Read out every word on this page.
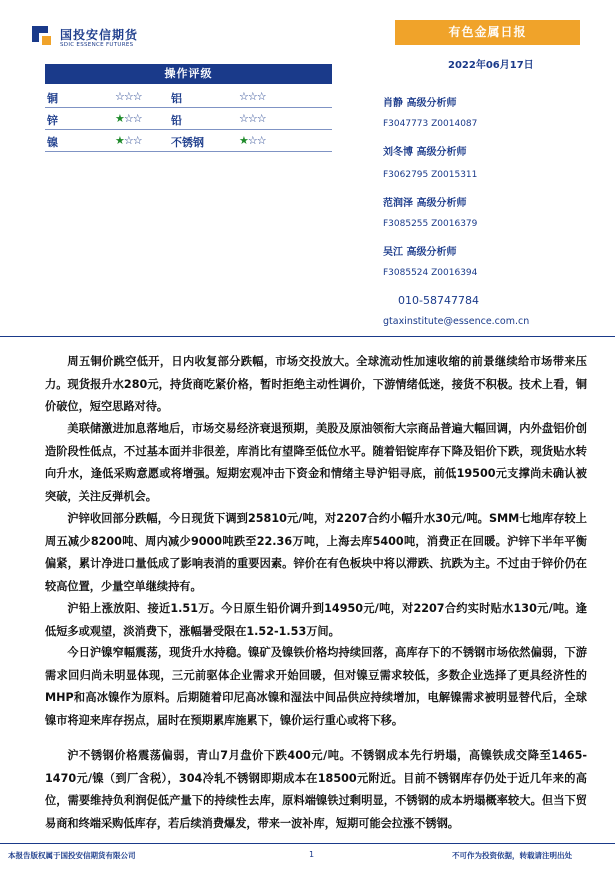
国投安信期货
SDIC ESSENCE FUTURES
有色金属日报
2022年06月17日
操作评级
铜	☆☆☆	铝	☆☆☆
锌	★☆☆	铅	☆☆☆
镍	★☆☆	不锈钢	★☆☆
肖静 高级分析师
F3047773 Z0014087
刘冬博 高级分析师
F3062795 Z0015311
范润泽 高级分析师
F3085255 Z0016379
吴江 高级分析师
F3085524 Z0016394
010-58747784
gtaxinstitute@essence.com.cn
周五铜价跳空低开，日内收复部分跌幅，市场交投放大。全球流动性加速收缩的前景继续给市场带来压力。现货报升水280元，持货商吃紧价格，暂时拒绝主动性调价，下游情绪低迷，接货不积极。技术上看，铜价破位，短空思路对待。
美联储激进加息落地后，市场交易经济衰退预期，美股及原油领衔大宗商品普遍大幅回调，内外盘铝价创造阶段性低点，不过基本面并非很差，库消比有望降至低位水平。随着铝锭库存下降及铝价下跌，现货贴水转向升水，逢低采购意愿或将增强。短期宏观冲击下资金和情绪主导沪铝寻底，前低19500元支撑尚未确认被突破，关注反弹机会。
沪锌收回部分跌幅，今日现货下调到25810元/吨，对2207合约小幅升水30元/吨。SMM七地库存较上周五减少8200吨、周内减少9000吨跌至22.36万吨，上海去库5400吨，消费正在回暖。沪锌下半年平衡偏紧，累计净进口量低成了影响表消的重要因素。锌价在有色板块中将以滞跌、抗跌为主。不过由于锌价仍在较高位置，少量空单继续持有。
沪铅上涨放阳、接近1.51万。今日原生铅价调升到14950元/吨，对2207合约实时贴水130元/吨。逢低短多或观望，淡消费下，涨幅暑受限在1.52-1.53万间。
今日沪镍窄幅震荡，现货升水持稳。镍矿及镍铁价格均持续回落，高库存下的不锈钢市场依然偏弱，下游需求回归尚未明显体现，三元前驱体企业需求开始回暖，但对镍豆需求较低，多数企业选择了更具经济性的MHP和高冰镍作为原料。后期随着印尼高冰镍和湿法中间品供应持续增加，电解镍需求被明显替代后，全球镍市将迎来库存拐点，届时在预期累库施累下，镍价运行重心或将下移。
沪不锈钢价格震荡偏弱，青山7月盘价下跌400元/吨。不锈钢成本先行坍塌，高镍铁成交降至1465-1470元/镍（到厂含税），304冷轧不锈钢即期成本在18500元附近。目前不锈钢库存仍处于近几年来的高位，需要维持负利润促低产量下的持续性去库，原料端镍铁过剩明显，不锈钢的成本坍塌概率较大。但当下贸易商和终端采购低库存，若后续消费爆发，带来一波补库，短期可能会拉涨不锈钢。
本报告版权属于国投安信期货有限公司	1	不可作为投资依据，转载请注明出处
